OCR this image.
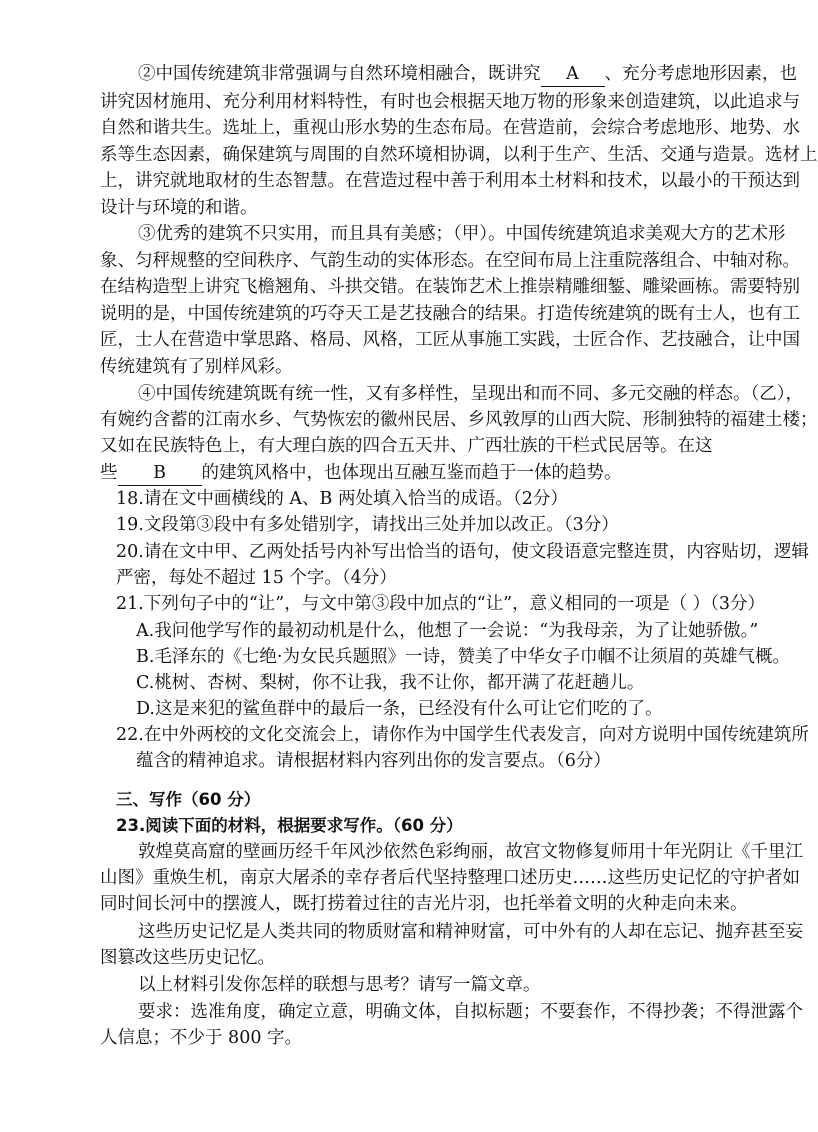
②中国传统建筑非常强调与自然环境相融合，既讲究 A 、充分考虑地形因素，也
讲究因材施用、充分利用材料特性，有时也会根据天地万物的形象来创造建筑，以此追求与
自然和谐共生。选址上，重视山形水势的生态布局。在营造前，会综合考虑地形、地势、水
系等生态因素，确保建筑与周围的自然环境相协调，以利于生产、生活、交通与造景。选材上
上，讲究就地取材的生态智慧。在营造过程中善于利用本土材料和技术，以最小的干预达到
设计与环境的和谐。
③优秀的建筑不只实用，而且具有美感；（甲）。中国传统建筑追求美观大方的艺术形
象、匀秤规整的空间秩序、气韵生动的实体形态。在空间布局上注重院落组合、中轴对称。
在结构造型上讲究飞檐翘角、斗拱交错。在装饰艺术上推崇精雕细錾、雕梁画栋。需要特别
说明的是，中国传统建筑的巧夺天工是艺技融合的结果。打造传统建筑的既有士人，也有工
匠，士人在营造中掌思路、格局、风格，工匠从事施工实践，士匠合作、艺技融合，让中国
传统建筑有了别样风彩。
④中国传统建筑既有统一性，又有多样性，呈现出和而不同、多元交融的样态。（乙），
有婉约含蓄的江南水乡、气势恢宏的徽州民居、乡风敦厚的山西大院、形制独特的福建土楼；
又如在民族特色上，有大理白族的四合五天井、广西壮族的干栏式民居等。在这
些 B 的建筑风格中，也体现出互融互鉴而趋于一体的趋势。
18.请在文中画横线的 A、B 两处填入恰当的成语。（2分）
19.文段第③段中有多处错别字，请找出三处并加以改正。（3分）
20.请在文中甲、乙两处括号内补写出恰当的语句，使文段语意完整连贯，内容贴切，逻辑
严密，每处不超过 15 个字。（4分）
21.下列句子中的“让”，与文中第③段中加点的“让”，意义相同的一项是（ ）（3分）
A.我问他学写作的最初动机是什么，他想了一会说：“为我母亲，为了让她骄傲。”
B.毛泽东的《七绝·为女民兵题照》一诗，赞美了中华女子巾帼不让须眉的英雄气概。
C.桃树、杏树、梨树，你不让我，我不让你，都开满了花赶趟儿。
D.这是来犯的鲨鱼群中的最后一条，已经没有什么可让它们吃的了。
22.在中外两校的文化交流会上，请你作为中国学生代表发言，向对方说明中国传统建筑所
蕴含的精神追求。请根据材料内容列出你的发言要点。（6分）
三、写作（60 分）
23.阅读下面的材料，根据要求写作。（60 分）
敦煌莫高窟的壁画历经千年风沙依然色彩绚丽，故宫文物修复师用十年光阴让《千里江
山图》重焕生机，南京大屠杀的幸存者后代坚持整理口述历史……这些历史记忆的守护者如
同时间长河中的摆渡人，既打捞着过往的吉光片羽，也托举着文明的火种走向未来。
这些历史记忆是人类共同的物质财富和精神财富，可中外有的人却在忘记、抛弃甚至妄
图篡改这些历史记忆。
以上材料引发你怎样的联想与思考？请写一篇文章。
要求：选准角度，确定立意，明确文体，自拟标题；不要套作，不得抄袭；不得泄露个
人信息；不少于 800 字。
